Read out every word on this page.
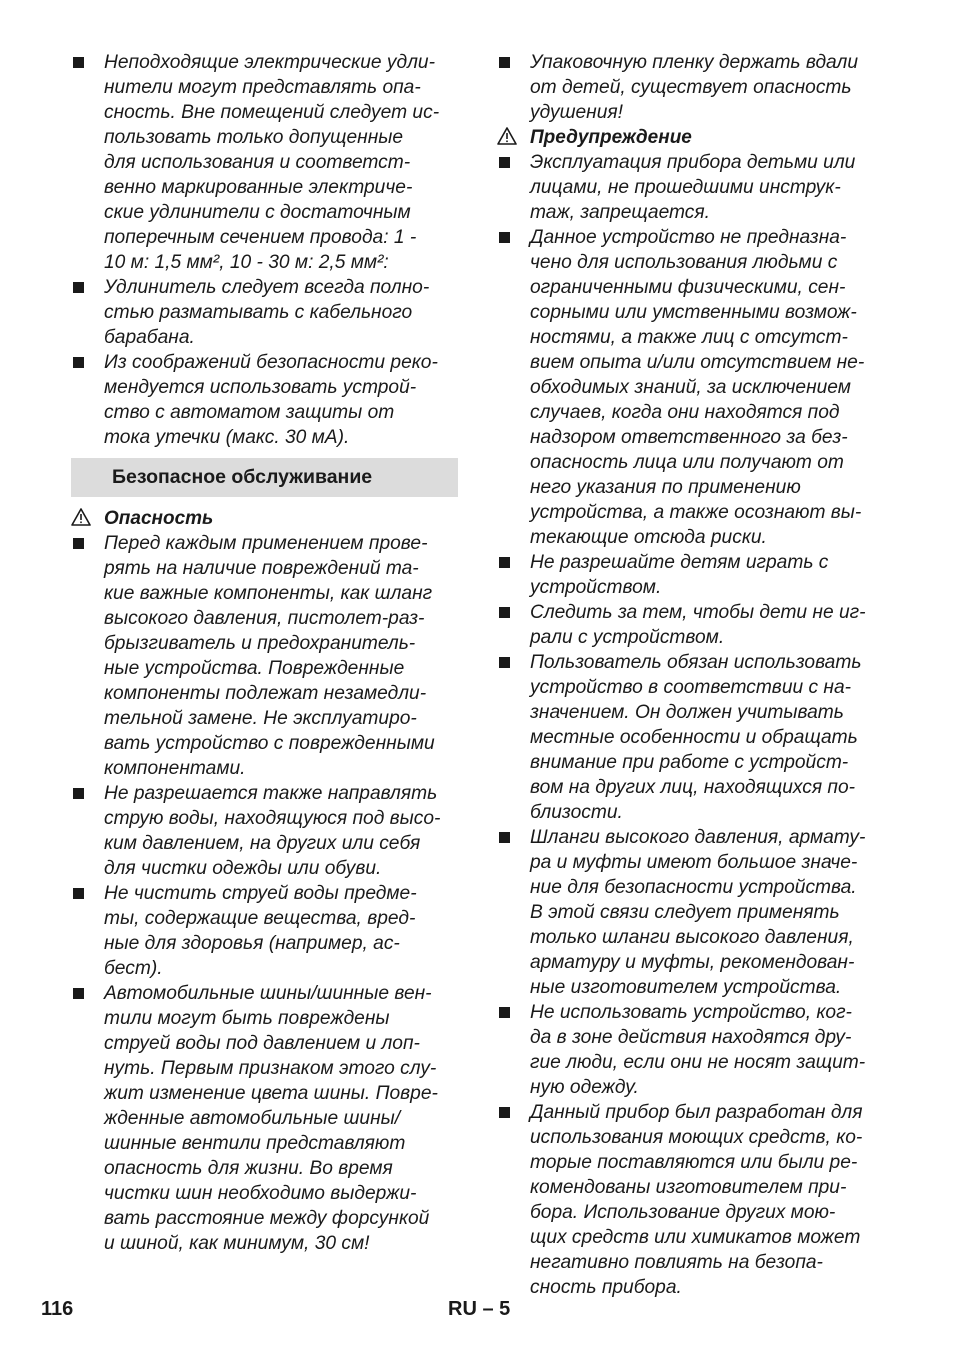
Неподходящие электрические удли-
нители могут представлять опа-
сность. Вне помещений следует ис-
пользовать только допущенные
для использования и соответст-
венно маркированные электриче-
ские удлинители с достаточным
поперечным сечением провода: 1 -
10 м: 1,5 мм², 10 - 30 м: 2,5 мм²:

Удлинитель следует всегда полно-
стью разматывать с кабельного
барабана.

Из соображений безопасности реко-
мендуется использовать устрой-
ство с автоматом защиты от
тока утечки (макс. 30 мА).

Безопасное обслуживание
Опасность

Перед каждым применением прове-
рять на наличие повреждений та-
кие важные компоненты, как шланг
высокого давления, пистолет-раз-
брызгиватель и предохранитель-
ные устройства. Поврежденные
компоненты подлежат незамедли-
тельной замене. Не эксплуатиро-
вать устройство с поврежденными
компонентами.

Не разрешается также направлять
струю воды, находящуюся под высо-
ким давлением, на других или себя
для чистки одежды или обуви.

Не чистить струей воды предме-
ты, содержащие вещества, вред-
ные для здоровья (например, ас-
бест).

Автомобильные шины/шинные вен-
тили могут быть повреждены
струей воды под давлением и лоп-
нуть. Первым признаком этого слу-
жит изменение цвета шины. Повре-
жденные автомобильные шины/
шинные вентили представляют
опасность для жизни. Во время
чистки шин необходимо выдержи-
вать расстояние между форсункой
и шиной, как минимум, 30 см!

Упаковочную пленку держать вдали
от детей, существует опасность
удушения!

Предупреждение

Эксплуатация прибора детьми или
лицами, не прошедшими инструк-
таж, запрещается.

Данное устройство не предназна-
чено для использования людьми с
ограниченными физическими, сен-
сорными или умственными возмож-
ностями, а также лиц с отсутст-
вием опыта и/или отсутствием не-
обходимых знаний, за исключением
случаев, когда они находятся под
надзором ответственного за без-
опасность лица или получают от
него указания по применению
устройства, а также осознают вы-
текающие отсюда риски.

Не разрешайте детям играть с
устройством.

Следить за тем, чтобы дети не иг-
рали с устройством.

Пользователь обязан использовать
устройство в соответствии с на-
значением. Он должен учитывать
местные особенности и обращать
внимание при работе с устройст-
вом на других лиц, находящихся по-
близости.

Шланги высокого давления, армату-
ра и муфты имеют большое значе-
ние для безопасности устройства.
В этой связи следует применять
только шланги высокого давления,
арматуру и муфты, рекомендован-
ные изготовителем устройства.

Не использовать устройство, ког-
да в зоне действия находятся дру-
гие люди, если они не носят защит-
ную одежду.

Данный прибор был разработан для
использования моющих средств, ко-
торые поставляются или были ре-
комендованы изготовителем при-
бора. Использование других мою-
щих средств или химикатов может
негативно повлиять на безопа-
сность прибора.

116	RU – 5
